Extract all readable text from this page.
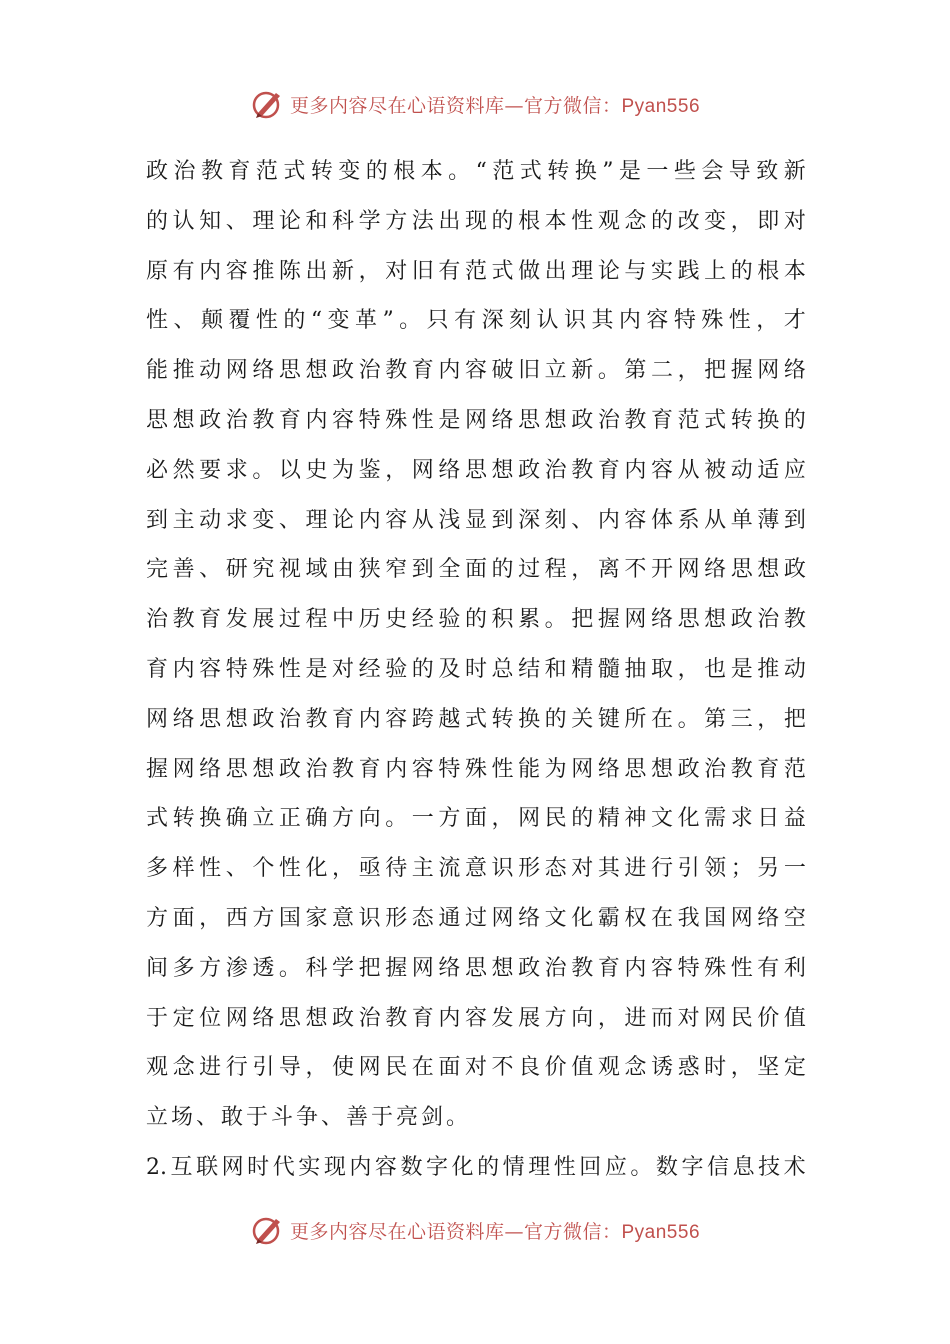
更多内容尽在心语资料库—官方微信：Pyan556
政 治 教 育 范 式 转 变 的 根 本 。 “ 范 式 转 换 ” 是 一 些 会 导 致 新
的 认 知 、 理 论 和 科 学 方 法 出 现 的 根 本 性 观 念 的 改 变 ， 即 对
原 有 内 容 推 陈 出 新 ， 对 旧 有 范 式 做 出 理 论 与 实 践 上 的 根 本
性 、 颠 覆 性 的 “ 变 革 ” 。 只 有 深 刻 认 识 其 内 容 特 殊 性 ， 才
能 推 动 网 络 思 想 政 治 教 育 内 容 破 旧 立 新 。 第 二 ， 把 握 网 络
思 想 政 治 教 育 内 容 特 殊 性 是 网 络 思 想 政 治 教 育 范 式 转 换 的
必 然 要 求 。 以 史 为 鉴 ， 网 络 思 想 政 治 教 育 内 容 从 被 动 适 应
到 主 动 求 变 、 理 论 内 容 从 浅 显 到 深 刻 、 内 容 体 系 从 单 薄 到
完 善 、 研 究 视 域 由 狭 窄 到 全 面 的 过 程 ， 离 不 开 网 络 思 想 政
治 教 育 发 展 过 程 中 历 史 经 验 的 积 累 。 把 握 网 络 思 想 政 治 教
育 内 容 特 殊 性 是 对 经 验 的 及 时 总 结 和 精 髓 抽 取 ， 也 是 推 动
网 络 思 想 政 治 教 育 内 容 跨 越 式 转 换 的 关 键 所 在 。 第 三 ， 把
握 网 络 思 想 政 治 教 育 内 容 特 殊 性 能 为 网 络 思 想 政 治 教 育 范
式 转 换 确 立 正 确 方 向 。 一 方 面 ， 网 民 的 精 神 文 化 需 求 日 益
多 样 性 、 个 性 化 ， 亟 待 主 流 意 识 形 态 对 其 进 行 引 领 ； 另 一
方 面 ， 西 方 国 家 意 识 形 态 通 过 网 络 文 化 霸 权 在 我 国 网 络 空
间 多 方 渗 透 。 科 学 把 握 网 络 思 想 政 治 教 育 内 容 特 殊 性 有 利
于 定 位 网 络 思 想 政 治 教 育 内 容 发 展 方 向 ， 进 而 对 网 民 价 值
观 念 进 行 引 导 ， 使 网 民 在 面 对 不 良 价 值 观 念 诱 惑 时 ， 坚 定
立场、敢于斗争、善于亮剑。
2. 互 联 网 时 代 实 现 内 容 数 字 化 的 情 理 性 回 应 。 数 字 信 息 技 术
更多内容尽在心语资料库—官方微信：Pyan556
